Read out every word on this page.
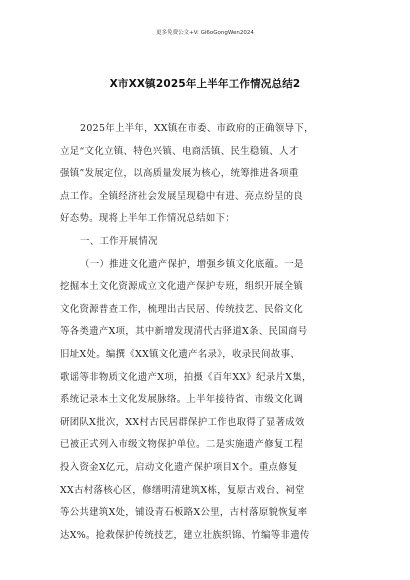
更多免费公文+V: Gi6oGongWen2024
X市XX镇2025年上半年工作情况总结2
2025年上半年，XX镇在市委、市政府的正确领导下，
立足“文化立镇、特色兴镇、电商活镇、民生稳镇、人才
强镇”发展定位，以高质量发展为核心，统筹推进各项重
点工作。全镇经济社会发展呈现稳中有进、亮点纷呈的良
好态势。现将上半年工作情况总结如下：
一、工作开展情况
（一）推进文化遗产保护，增强乡镇文化底蕴。一是
挖掘本土文化资源成立文化遗产保护专班，组织开展全镇
文化资源普查工作，梳理出古民居、传统技艺、民俗文化
等各类遗产X项，其中新增发现清代古驿道X条、民国商号
旧址X处。编撰《XX镇文化遗产名录》，收录民间故事、
歌谣等非物质文化遗产X项，拍摄《百年XX》纪录片X集，
系统记录本土文化发展脉络。上半年接待省、市级文化调
研团队X批次，XX村古民居群保护工作也取得了显著成效
已被正式列入市级文物保护单位。二是实施遗产修复工程
投入资金X亿元，启动文化遗产保护项目X个。重点修复
XX古村落核心区，修缮明清建筑X栋，复原古戏台、祠堂
等公共建筑X处，铺设青石板路X公里，古村落原貌恢复率
达X%。抢救保护传统技艺，建立壮族织锦、竹编等非遗传
